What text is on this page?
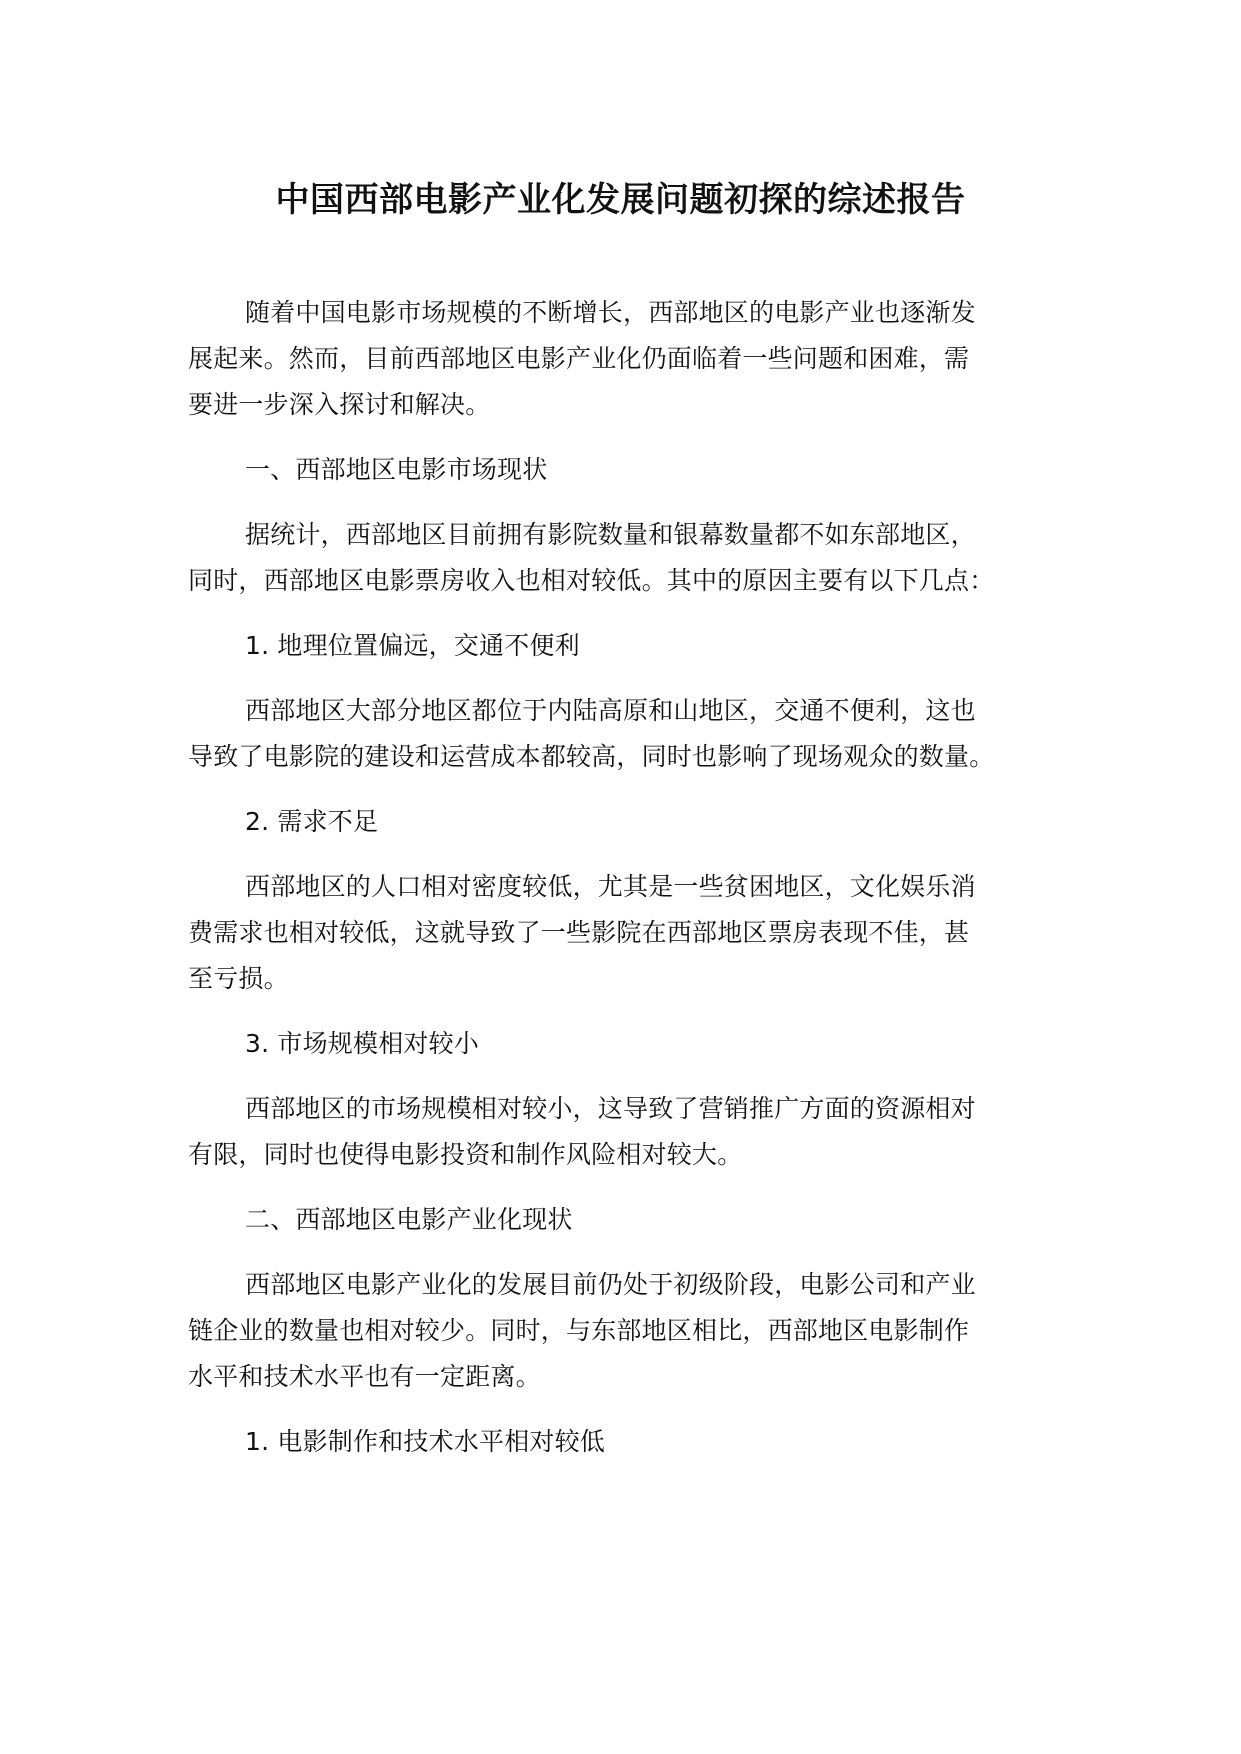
中国西部电影产业化发展问题初探的综述报告

随着中国电影市场规模的不断增长，西部地区的电影产业也逐渐发
展起来。然而，目前西部地区电影产业化仍面临着一些问题和困难，需
要进一步深入探讨和解决。

一、西部地区电影市场现状

据统计，西部地区目前拥有影院数量和银幕数量都不如东部地区，
同时，西部地区电影票房收入也相对较低。其中的原因主要有以下几点：

1. 地理位置偏远，交通不便利

西部地区大部分地区都位于内陆高原和山地区，交通不便利，这也
导致了电影院的建设和运营成本都较高，同时也影响了现场观众的数量。

2. 需求不足

西部地区的人口相对密度较低，尤其是一些贫困地区，文化娱乐消
费需求也相对较低，这就导致了一些影院在西部地区票房表现不佳，甚
至亏损。

3. 市场规模相对较小

西部地区的市场规模相对较小，这导致了营销推广方面的资源相对
有限，同时也使得电影投资和制作风险相对较大。

二、西部地区电影产业化现状

西部地区电影产业化的发展目前仍处于初级阶段，电影公司和产业
链企业的数量也相对较少。同时，与东部地区相比，西部地区电影制作
水平和技术水平也有一定距离。

1. 电影制作和技术水平相对较低
